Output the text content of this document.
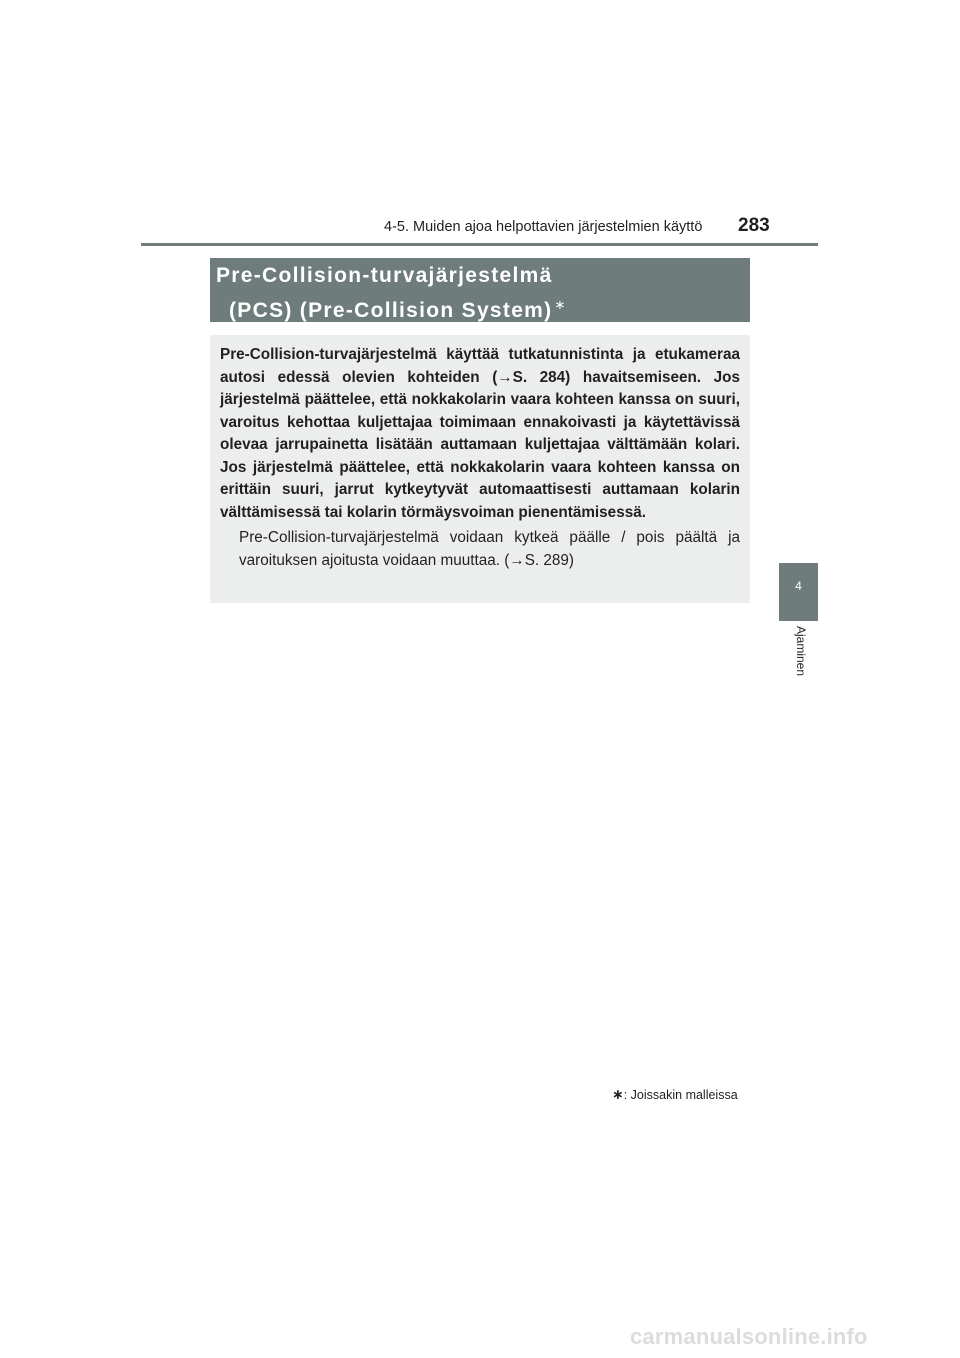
4-5. Muiden ajoa helpottavien järjestelmien käyttö 283
Pre-Collision-turvajärjestelmä
(PCS) (Pre-Collision System) ∗

Pre-Collision-turvajärjestelmä käyttää tutkatunnistinta ja etukameraa autosi edessä olevien kohteiden (→S. 284) havaitsemiseen. Jos järjestelmä päättelee, että nokkakolarin vaara kohteen kanssa on suuri, varoitus kehottaa kuljettajaa toimimaan ennakoivasti ja käytettävissä olevaa jarrupainetta lisätään auttamaan kuljettajaa välttämään kolari. Jos järjestelmä päättelee, että nokkakolarin vaara kohteen kanssa on erittäin suuri, jarrut kytkeytyvät automaattisesti auttamaan kolarin välttämisessä tai kolarin törmäysvoiman pienentämisessä.

Pre-Collision-turvajärjestelmä voidaan kytkeä päälle / pois päältä ja varoituksen ajoitusta voidaan muuttaa. (→S. 289)

4
Ajaminen
∗: Joissakin malleissa
carmanualsonline.info
